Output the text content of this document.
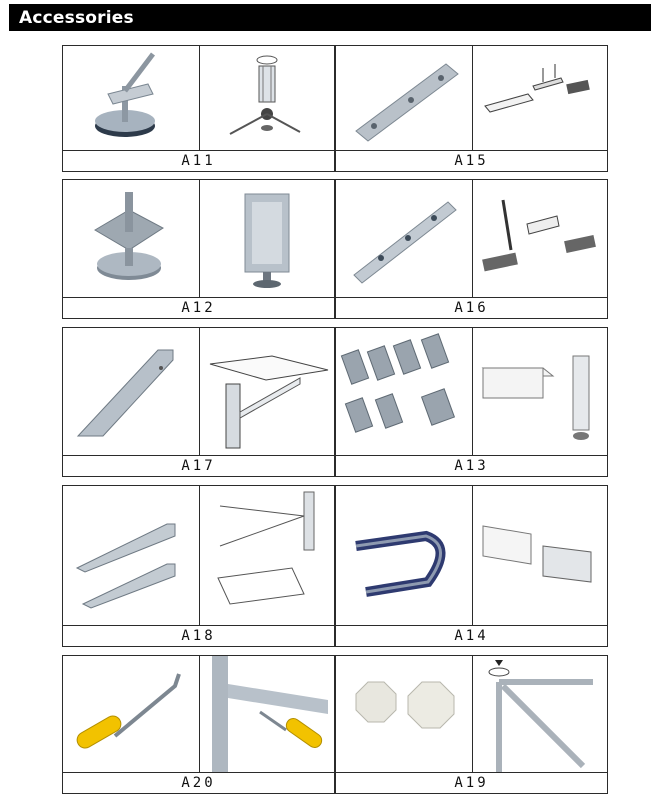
Accessories
A11	A15
A12	A16
A17	A13
A18	A14
A20	A19
